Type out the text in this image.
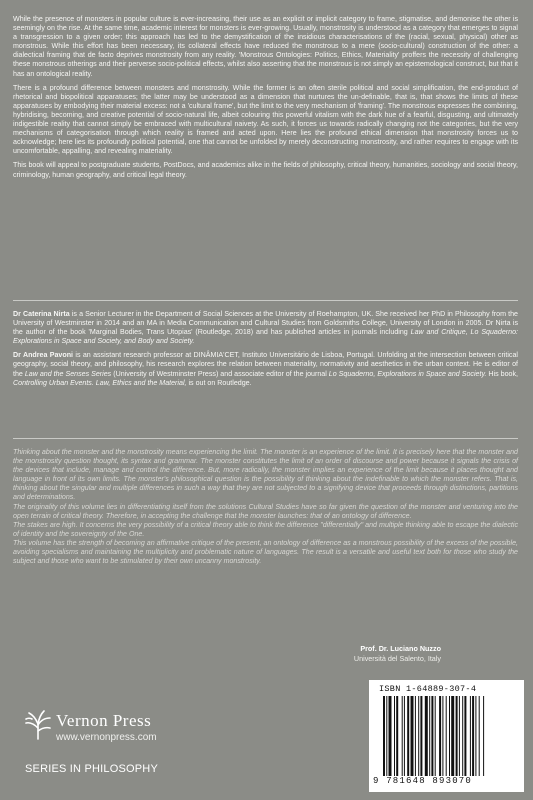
While the presence of monsters in popular culture is ever-increasing, their use as an explicit or implicit category to frame, stigmatise, and demonise the other is seemingly on the rise. At the same time, academic interest for monsters is ever-growing. Usually, monstrosity is understood as a category that emerges to signal a transgression to a given order; this approach has led to the demystification of the insidious characterisations of the (racial, sexual, physical) other as monstrous. While this effort has been necessary, its collateral effects have reduced the monstrous to a mere (socio-cultural) construction of the other: a dialectical framing that de facto deprives monstrosity from any reality. 'Monstrous Ontologies: Politics, Ethics, Materiality' proffers the necessity of challenging these monstrous otherings and their perverse socio-political effects, whilst also asserting that the monstrous is not simply an epistemological construct, but that it has an ontological reality.

There is a profound difference between monsters and monstrosity. While the former is an often sterile political and social simplification, the end-product of rhetorical and biopolitical apparatuses; the latter may be understood as a dimension that nurtures the un-definable, that is, that shows the limits of these apparatuses by embodying their material excess: not a 'cultural frame', but the limit to the very mechanism of 'framing'. The monstrous expresses the combining, hybridising, becoming, and creative potential of socio-natural life, albeit colouring this powerful vitalism with the dark hue of a fearful, disgusting, and ultimately indigestible reality that cannot simply be embraced with multicultural naivety. As such, it forces us towards radically changing not the categories, but the very mechanisms of categorisation through which reality is framed and acted upon. Here lies the profound ethical dimension that monstrosity forces us to acknowledge; here lies its profoundly political potential, one that cannot be unfolded by merely deconstructing monstrosity, and rather requires to engage with its uncomfortable, appalling, and revealing materiality.

This book will appeal to postgraduate students, PostDocs, and academics alike in the fields of philosophy, critical theory, humanities, sociology and social theory, criminology, human geography, and critical legal theory.

Dr Caterina Nirta is a Senior Lecturer in the Department of Social Sciences at the University of Roehampton, UK. She received her PhD in Philosophy from the University of Westminster in 2014 and an MA in Media Communication and Cultural Studies from Goldsmiths College, University of London in 2005. Dr Nirta is the author of the book 'Marginal Bodies, Trans Utopias' (Routledge, 2018) and has published articles in journals including Law and Critique, Lo Squaderno: Explorations in Space and Society, and Body and Society.

Dr Andrea Pavoni is an assistant research professor at DINÂMIA'CET, Instituto Universitário de Lisboa, Portugal. Unfolding at the intersection between critical geography, social theory, and philosophy, his research explores the relation between materiality, normativity and aesthetics in the urban context. He is editor of the Law and the Senses Series (University of Westminster Press) and associate editor of the journal Lo Squaderno, Explorations in Space and Society. His book, Controlling Urban Events. Law, Ethics and the Material, is out on Routledge.

Thinking about the monster and the monstrosity means experiencing the limit. The monster is an experience of the limit. It is precisely here that the monster and the monstrosity question thought, its syntax and grammar. The monster constitutes the limit of an order of discourse and power because it signals the crisis of the devices that include, manage and control the difference. But, more radically, the monster implies an experience of the limit because it places thought and language in front of its own limits. The monster's philosophical question is the possibility of thinking about the indefinable to which the monster refers. That is, thinking about the singular and multiple differences in such a way that they are not subjected to a signifying device that proceeds through distinctions, partitions and determinations.

The originality of this volume lies in differentiating itself from the solutions Cultural Studies have so far given the question of the monster and venturing into the open terrain of critical theory. Therefore, in accepting the challenge that the monster launches: that of an ontology of difference.

The stakes are high. It concerns the very possibility of a critical theory able to think the difference "differentially" and multiple thinking able to escape the dialectic of identity and the sovereignty of the One.

This volume has the strength of becoming an affirmative critique of the present, an ontology of difference as a monstrous possibility of the excess of the possible, avoiding specialisms and maintaining the multiplicity and problematic nature of languages. The result is a versatile and useful text both for those who study the subject and those who want to be stimulated by their own uncanny monstrosity.

Prof. Dr. Luciano Nuzzo
Università del Salento, Italy
Vernon Press
www.vernonpress.com
SERIES IN PHILOSOPHY
ISBN 1-64889-307-4
9 781648 893070
